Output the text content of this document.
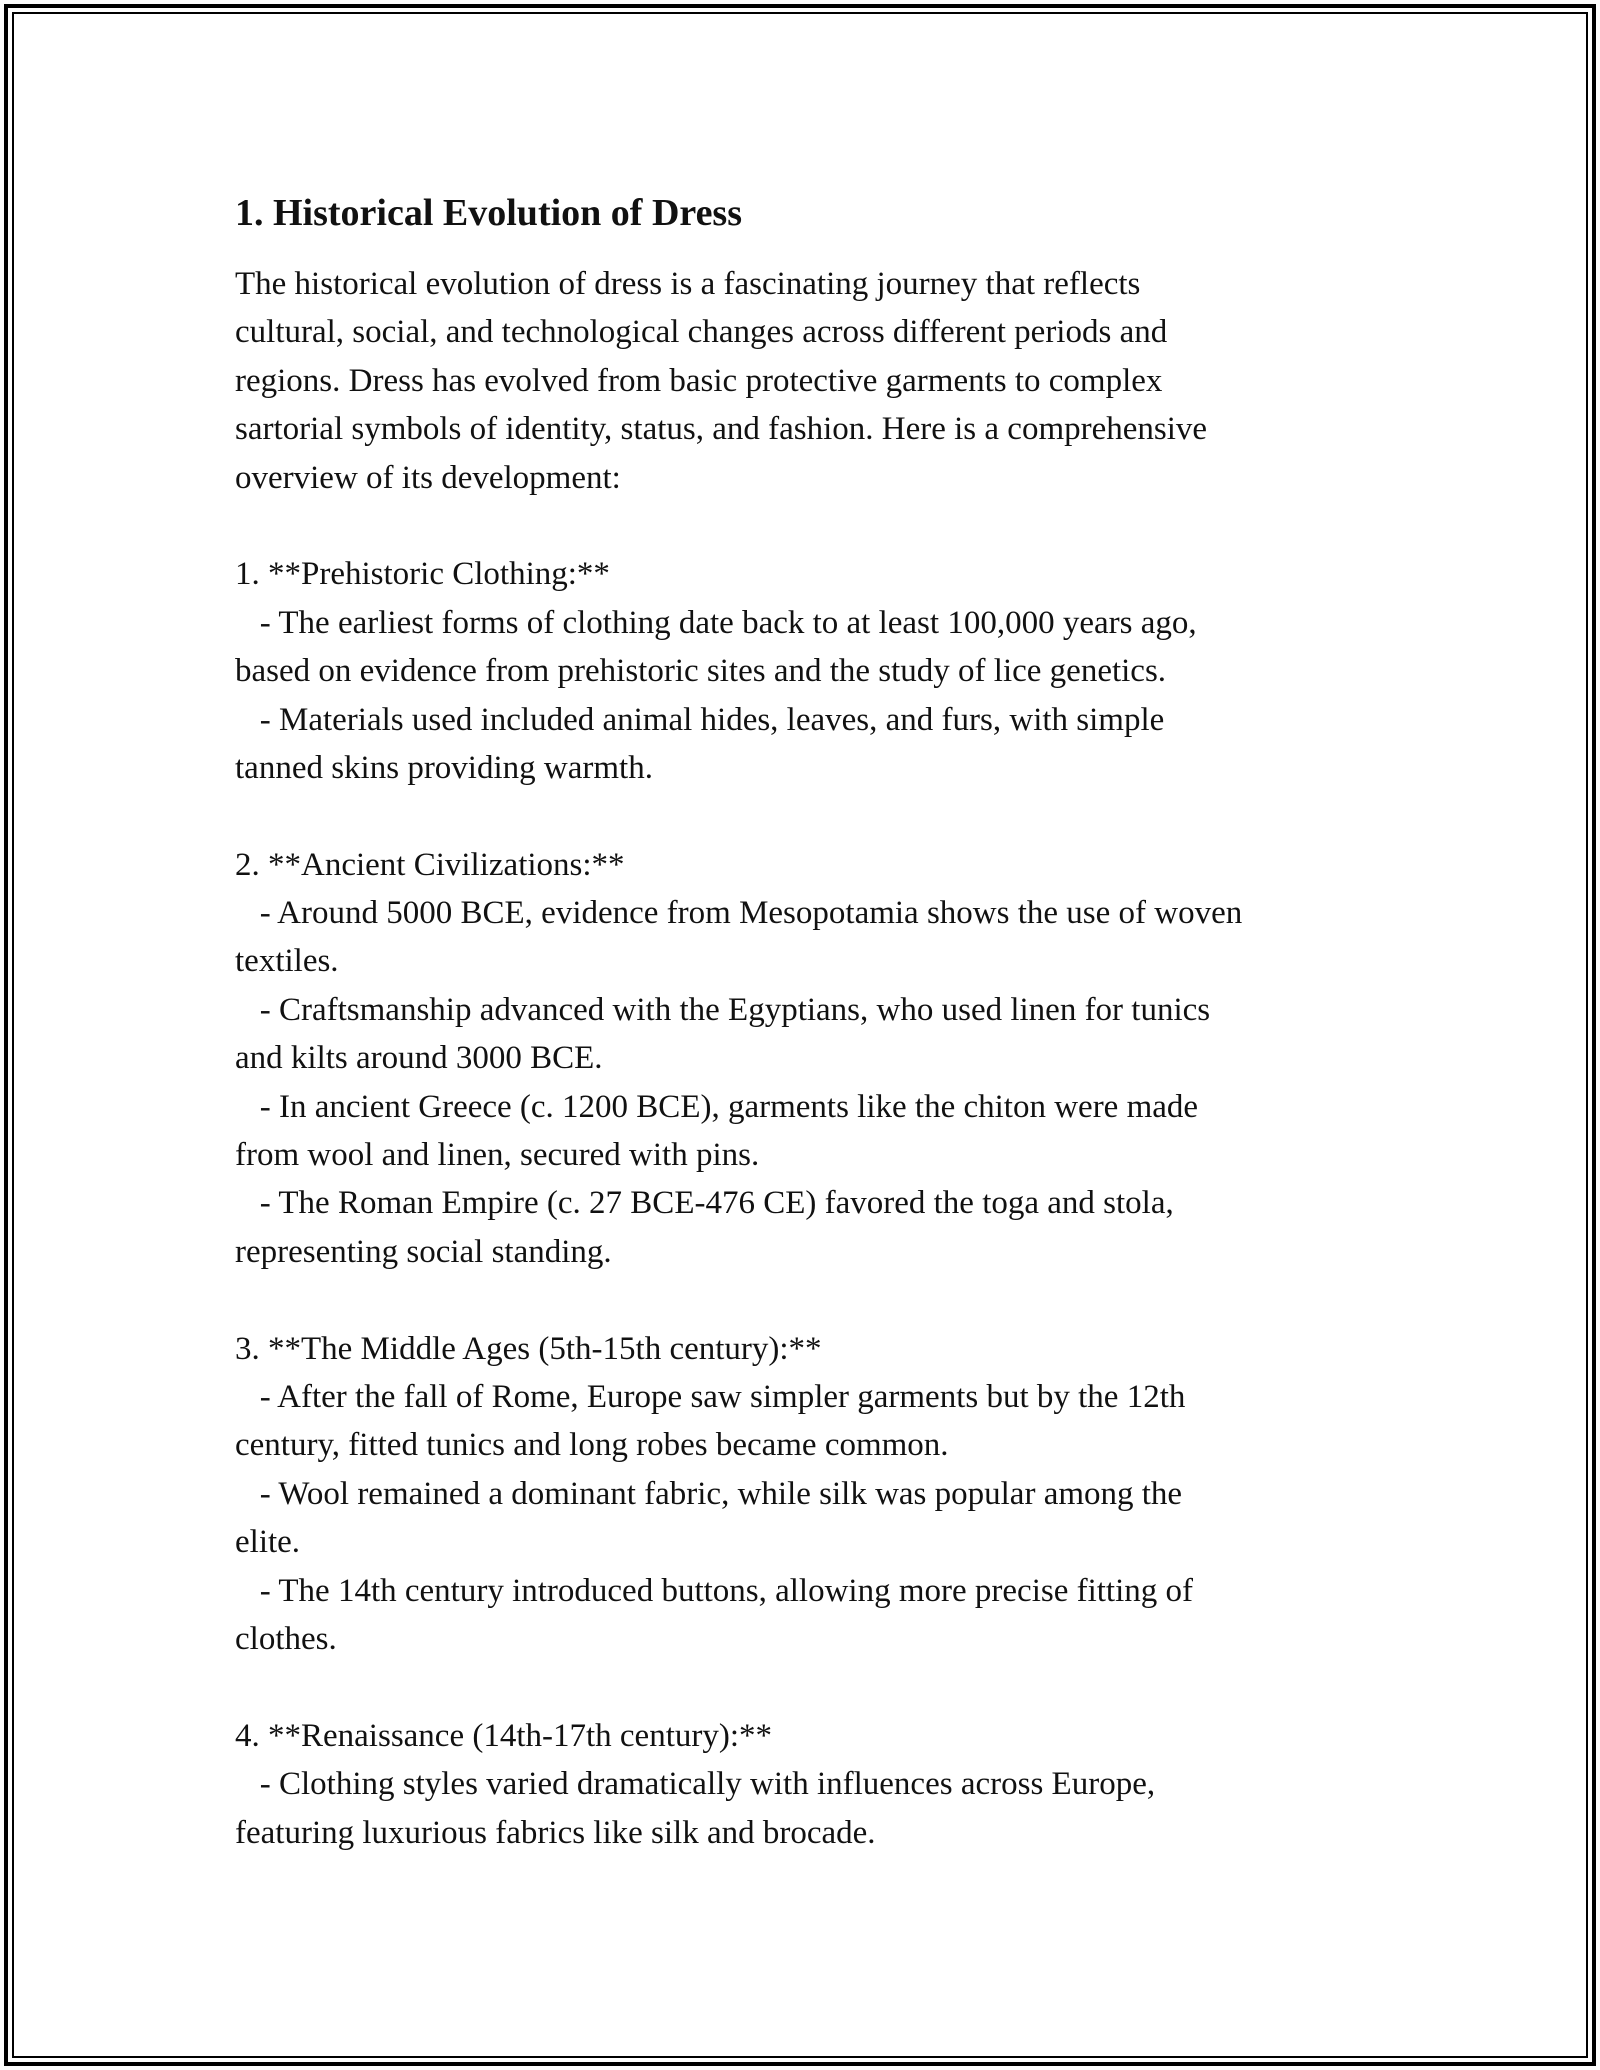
1. Historical Evolution of Dress
The historical evolution of dress is a fascinating journey that reflects
cultural, social, and technological changes across different periods and
regions. Dress has evolved from basic protective garments to complex
sartorial symbols of identity, status, and fashion. Here is a comprehensive
overview of its development:
1. **Prehistoric Clothing:**
- The earliest forms of clothing date back to at least 100,000 years ago,
based on evidence from prehistoric sites and the study of lice genetics.
- Materials used included animal hides, leaves, and furs, with simple
tanned skins providing warmth.
2. **Ancient Civilizations:**
- Around 5000 BCE, evidence from Mesopotamia shows the use of woven
textiles.
- Craftsmanship advanced with the Egyptians, who used linen for tunics
and kilts around 3000 BCE.
- In ancient Greece (c. 1200 BCE), garments like the chiton were made
from wool and linen, secured with pins.
- The Roman Empire (c. 27 BCE-476 CE) favored the toga and stola,
representing social standing.
3. **The Middle Ages (5th-15th century):**
- After the fall of Rome, Europe saw simpler garments but by the 12th
century, fitted tunics and long robes became common.
- Wool remained a dominant fabric, while silk was popular among the
elite.
- The 14th century introduced buttons, allowing more precise fitting of
clothes.
4. **Renaissance (14th-17th century):**
- Clothing styles varied dramatically with influences across Europe,
featuring luxurious fabrics like silk and brocade.
